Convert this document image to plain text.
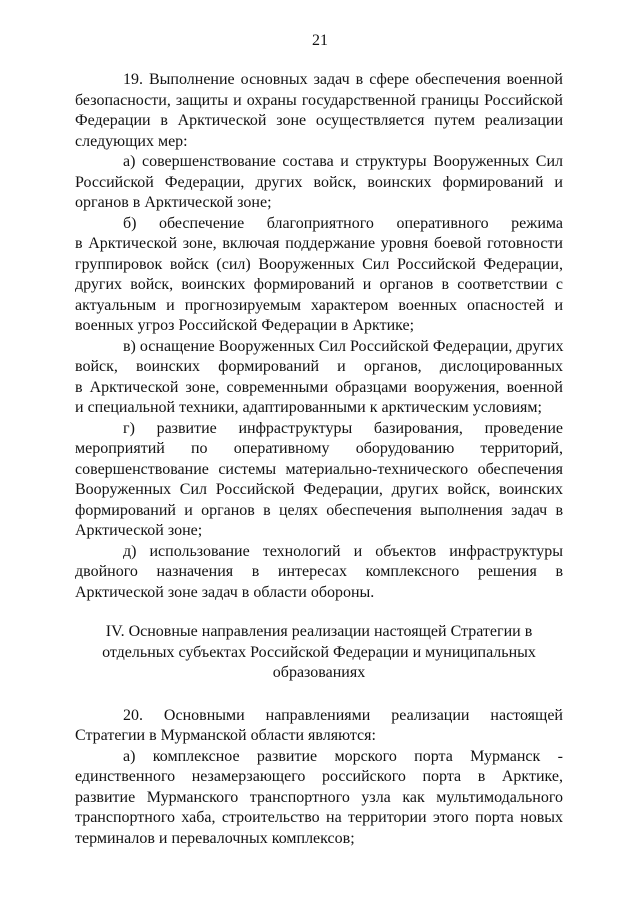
21
19. Выполнение основных задач в сфере обеспечения военной
безопасности, защиты и охраны государственной границы Российской
Федерации в Арктической зоне осуществляется путем реализации
следующих мер:
а) совершенствование состава и структуры Вооруженных Сил
Российской Федерации, других войск, воинских формирований и
органов в Арктической зоне;
б) обеспечение благоприятного оперативного режима
в Арктической зоне, включая поддержание уровня боевой готовности
группировок войск (сил) Вооруженных Сил Российской Федерации,
других войск, воинских формирований и органов в соответствии с
актуальным и прогнозируемым характером военных опасностей и
военных угроз Российской Федерации в Арктике;
в) оснащение Вооруженных Сил Российской Федерации, других
войск, воинских формирований и органов, дислоцированных
в Арктической зоне, современными образцами вооружения, военной
и специальной техники, адаптированными к арктическим условиям;
г) развитие инфраструктуры базирования, проведение
мероприятий по оперативному оборудованию территорий,
совершенствование системы материально-технического обеспечения
Вооруженных Сил Российской Федерации, других войск, воинских
формирований и органов в целях обеспечения выполнения задач в
Арктической зоне;
д) использование технологий и объектов инфраструктуры
двойного назначения в интересах комплексного решения в
Арктической зоне задач в области обороны.
IV. Основные направления реализации настоящей Стратегии в
отдельных субъектах Российской Федерации и муниципальных
образованиях
20. Основными направлениями реализации настоящей
Стратегии в Мурманской области являются:
а) комплексное развитие морского порта Мурманск -
единственного незамерзающего российского порта в Арктике,
развитие Мурманского транспортного узла как мультимодального
транспортного хаба, строительство на территории этого порта новых
терминалов и перевалочных комплексов;
